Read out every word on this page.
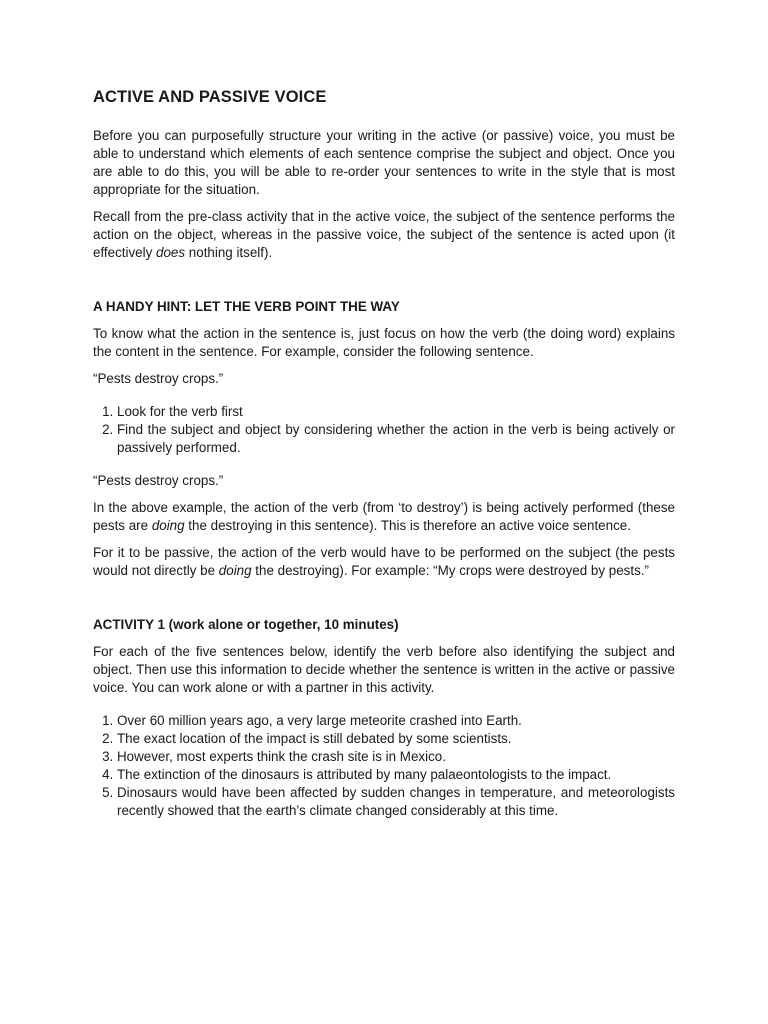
ACTIVE AND PASSIVE VOICE

Before you can purposefully structure your writing in the active (or passive) voice, you must be able to understand which elements of each sentence comprise the subject and object. Once you are able to do this, you will be able to re-order your sentences to write in the style that is most appropriate for the situation.

Recall from the pre-class activity that in the active voice, the subject of the sentence performs the action on the object, whereas in the passive voice, the subject of the sentence is acted upon (it effectively does nothing itself).

A HANDY HINT: LET THE VERB POINT THE WAY

To know what the action in the sentence is, just focus on how the verb (the doing word) explains the content in the sentence. For example, consider the following sentence.

“Pests destroy crops.”

1. Look for the verb first
2. Find the subject and object by considering whether the action in the verb is being actively or passively performed.

“Pests destroy crops.”

In the above example, the action of the verb (from ‘to destroy’) is being actively performed (these pests are doing the destroying in this sentence). This is therefore an active voice sentence.

For it to be passive, the action of the verb would have to be performed on the subject (the pests would not directly be doing the destroying). For example: “My crops were destroyed by pests.”

ACTIVITY 1 (work alone or together, 10 minutes)

For each of the five sentences below, identify the verb before also identifying the subject and object. Then use this information to decide whether the sentence is written in the active or passive voice. You can work alone or with a partner in this activity.

1. Over 60 million years ago, a very large meteorite crashed into Earth.
2. The exact location of the impact is still debated by some scientists.
3. However, most experts think the crash site is in Mexico.
4. The extinction of the dinosaurs is attributed by many palaeontologists to the impact.
5. Dinosaurs would have been affected by sudden changes in temperature, and meteorologists recently showed that the earth’s climate changed considerably at this time.
